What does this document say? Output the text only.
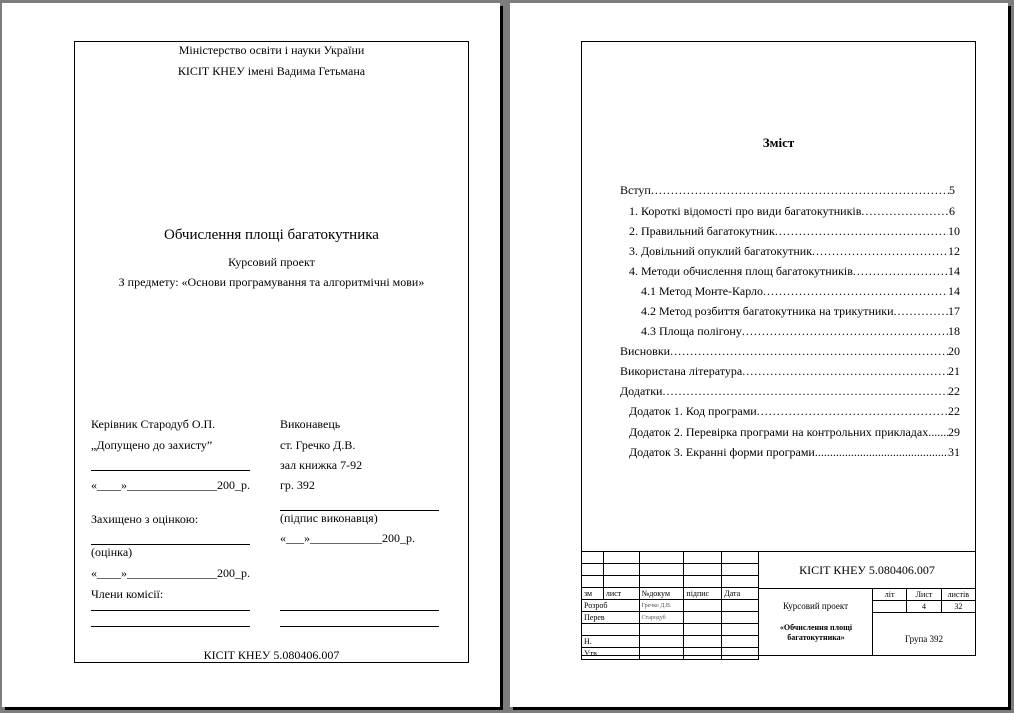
Міністерство освіти і науки України
КІСІТ КНЕУ імені Вадима Гетьмана
Обчислення площі багатокутника
Курсовий проект
З предмету: «Основи програмування та алгоритмічні мови»
Керівник Стародуб О.П.
„Допущено до захисту”
«____»_______________200_р.
Захищено з оцінкою:
(оцінка)
«____»_______________200_р.
Члени комісії:
Виконавець
ст. Гречко Д.В.
зал книжка 7-92
гр. 392
(підпис виконавця)
«___»____________200_р.
КІСІТ КНЕУ 5.080406.007
Зміст
Вступ .....	5
1. Короткі відомості про види багатокутників .....	6
2. Правильний багатокутник .....	10
3. Довільний опуклий багатокутник .....	12
4. Методи обчислення площ багатокутників .....	14
4.1 Метод Монте-Карло .....	14
4.2 Метод розбиття багатокутника на трикутники .....	17
4.3 Площа полігону .....	18
Висновки .....	20
Використана література .....	21
Додатки .....	22
Додаток 1. Код програми .....	22
Додаток 2. Перевірка програми на контрольних прикладах ..... 29
Додаток 3. Екранні форми програми .....	31

зм	лист	№докум	підпис	Дата
Розроб		Гречко Д.В.		
Перев		Стародуб		

Н.				
Утв.				
КІСІТ КНЕУ 5.080406.007
Курсовий проект
«Обчислення площі багатокутника»
літ	Лист	листів
	4	32
Група 392
